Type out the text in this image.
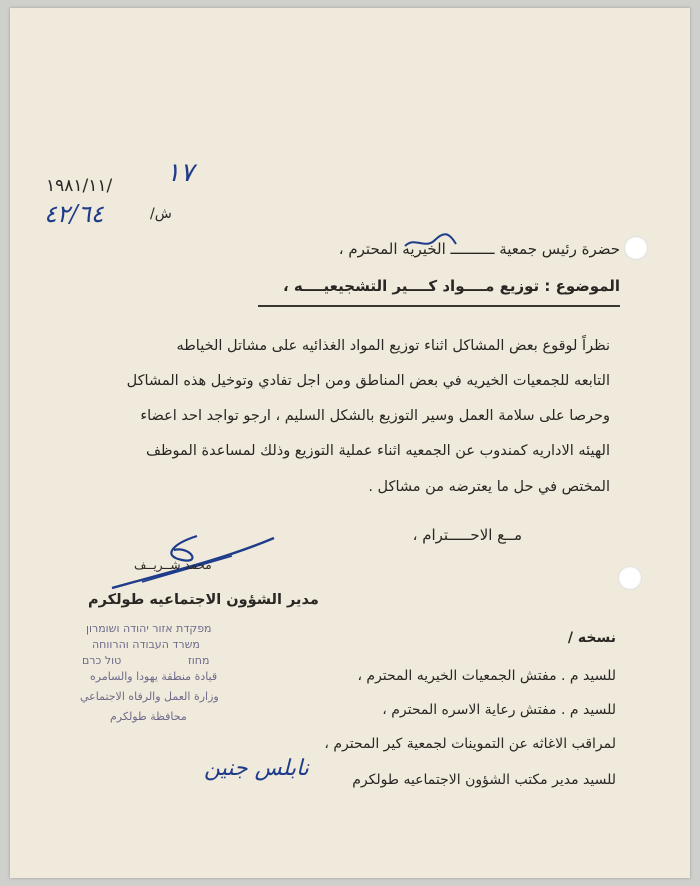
١٩٨١/١١/ ١٧
ش/
٤٢/٦٤
حضرة رئيس جمعية ــــــــــ الخيريه المحترم ،
الموضوع : توزيع مــــواد كــــير التشجيعيــــه ،
نظراً لوقوع بعض المشاكل اثناء توزيع المواد الغذائيه على مشاتل الخياطه
التابعه للجمعيات الخيريه في بعض المناطق ومن اجل تفادي وتوخيل هذه المشاكل
وحرصا على سلامة العمل وسير التوزيع بالشكل السليم ، ارجو تواجد احد اعضاء
الهيئه الاداريه كمندوب عن الجمعيه اثناء عملية التوزيع وذلك لمساعدة الموظف
المختص في حل ما يعترضه من مشاكل .
مــع الاحـــــترام ،
محمد شــريــف
مدير الشؤون الاجتماعيه طولكرم
מפקדת אזור יהודה ושומרון
משרד העבודה והרווחה
מחוז
טול כרם
قيادة منطقة يهودا والسامره
وزارة العمل والرفاه الاجتماعي
محافظة طولكرم
نسخه /
للسيد م . مفتش الجمعيات الخيريه المحترم ،
للسيد م . مفتش رعاية الاسره المحترم ،
لمراقب الاغاثه عن التموينات لجمعية كير المحترم ،
للسيد مدير مكتب الشؤون الاجتماعيه طولكرم
نابلس جنين
